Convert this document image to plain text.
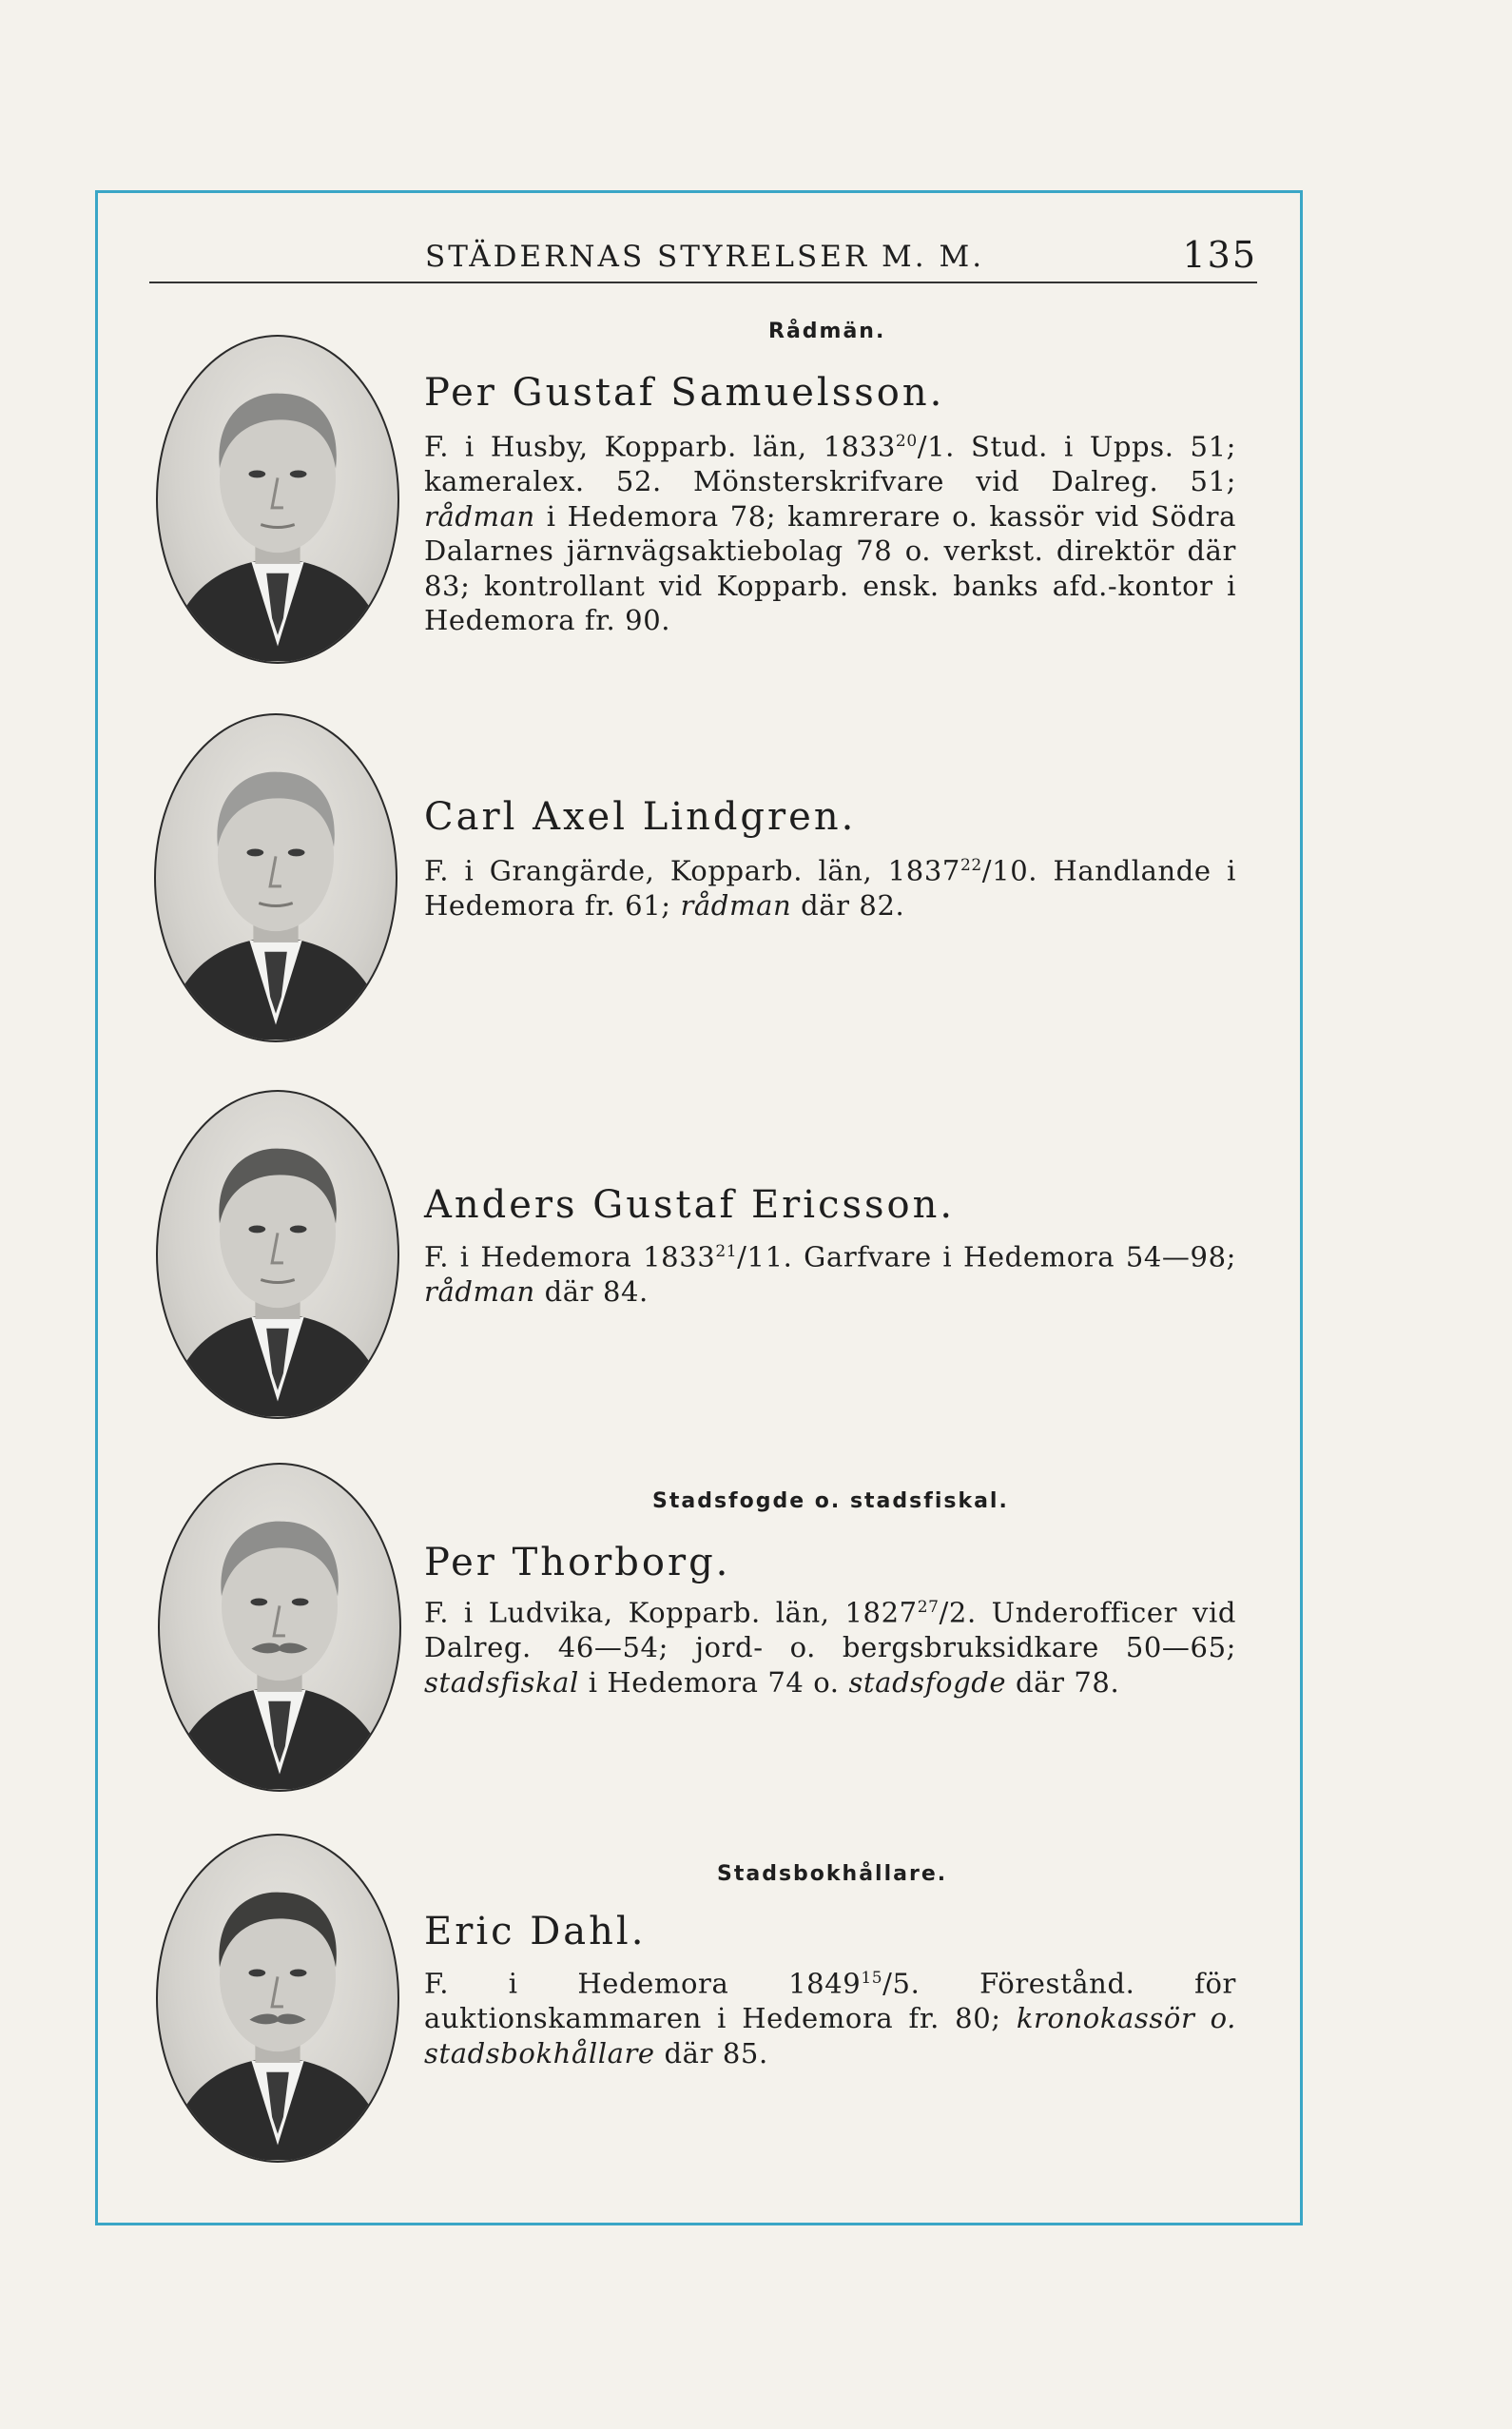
STÄDERNAS STYRELSER M. M.	135
Rådmän.
Stadsfogde o. stadsfiskal.
Stadsbokhållare.
Per Gustaf Samuelsson.
F. i Husby, Kopparb. län, 1833$^{20}$/1. Stud. i Upps. 51; kameralex. 52. Mönsterskrifvare vid Dalreg. 51; rådman i Hedemora 78; kamrerare o. kassör vid Södra Dalarnes järnvägsaktiebolag 78 o. verkst. direktör där 83; kontrollant vid Kopparb. ensk. banks afd.-kontor i Hedemora fr. 90.
Carl Axel Lindgren.
F. i Grangärde, Kopparb. län, 1837$^{22}$/10. Handlande i Hedemora fr. 61; rådman där 82.
Anders Gustaf Ericsson.
F. i Hedemora 1833$^{21}$/11. Garfvare i Hedemora 54—98; rådman där 84.
Per Thorborg.
F. i Ludvika, Kopparb. län, 1827$^{27}$/2. Underofficer vid Dalreg. 46—54; jord- o. bergsbruksidkare 50—65; stadsfiskal i Hedemora 74 o. stadsfogde där 78.
Eric Dahl.
F. i Hedemora 1849$^{15}$/5. Förestånd. för auktionskammaren i Hedemora fr. 80; kronokassör o. stadsbokhållare där 85.
